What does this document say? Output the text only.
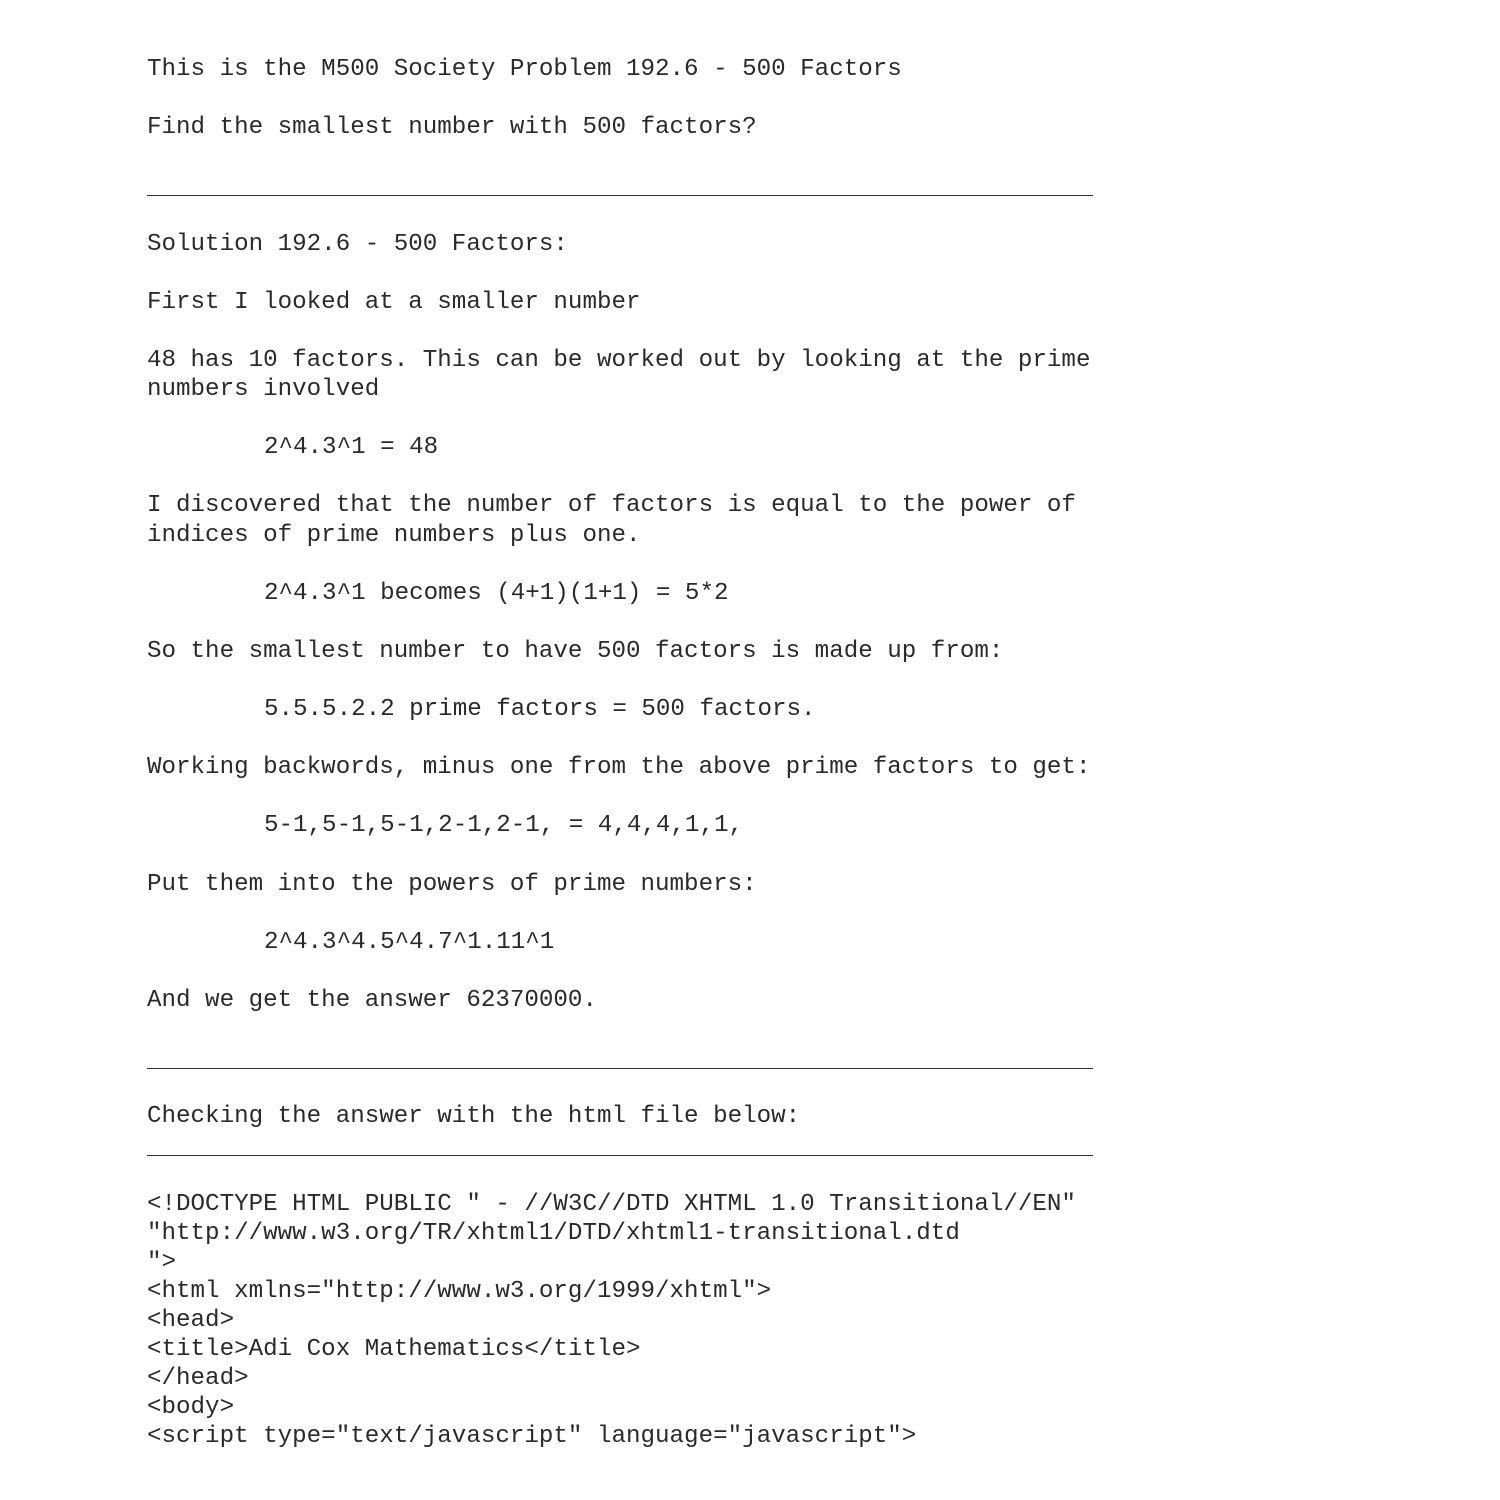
This is the M500 Society Problem 192.6 - 500 Factors
Find the smallest number with 500 factors?
Solution 192.6 - 500 Factors:
First I looked at a smaller number
48 has 10 factors. This can be worked out by looking at the prime
numbers involved
2^4.3^1 = 48
I discovered that the number of factors is equal to the power of
indices of prime numbers plus one.
2^4.3^1 becomes (4+1)(1+1) = 5*2
So the smallest number to have 500 factors is made up from:
5.5.5.2.2 prime factors = 500 factors.
Working backwords, minus one from the above prime factors to get:
5-1,5-1,5-1,2-1,2-1, = 4,4,4,1,1,
Put them into the powers of prime numbers:
2^4.3^4.5^4.7^1.11^1
And we get the answer 62370000.
Checking the answer with the html file below:
<!DOCTYPE HTML PUBLIC " - //W3C//DTD XHTML 1.0 Transitional//EN"
"http://www.w3.org/TR/xhtml1/DTD/xhtml1-transitional.dtd
">
<html xmlns="http://www.w3.org/1999/xhtml">
<head>
<title>Adi Cox Mathematics</title>
</head>
<body>
<script type="text/javascript" language="javascript">
